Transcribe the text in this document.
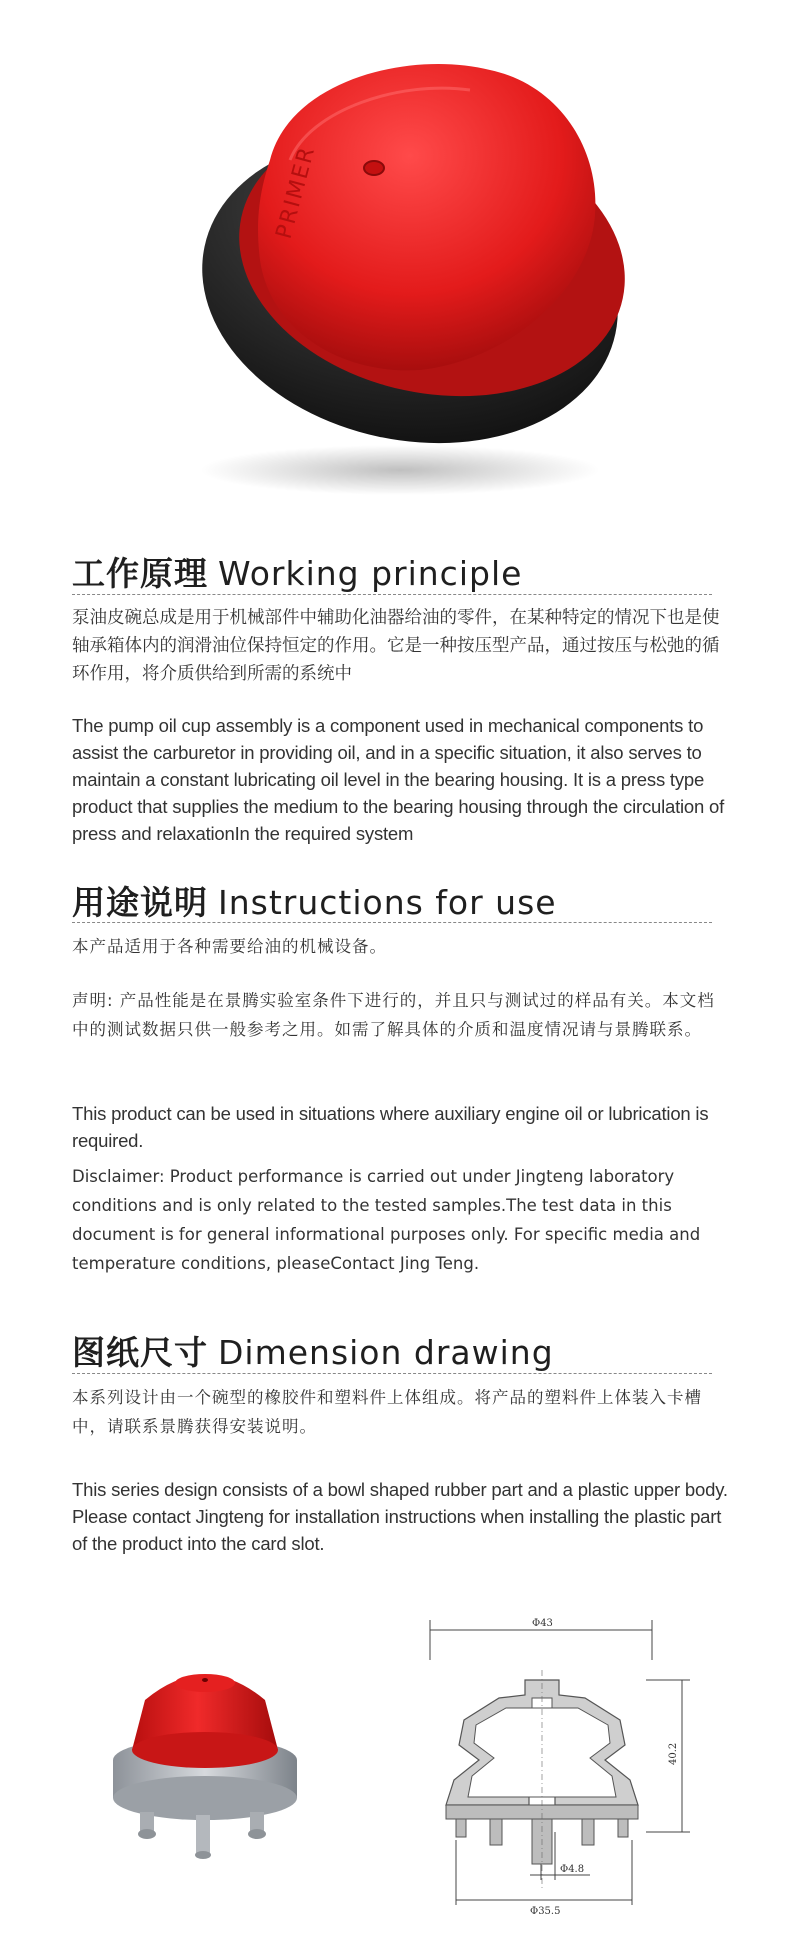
PRIMER
工作原理 Working principle
泵油皮碗总成是用于机械部件中辅助化油器给油的零件，在某种特定的情况下也是使轴承箱体内的润滑油位保持恒定的作用。它是一种按压型产品，通过按压与松弛的循环作用，将介质供给到所需的系统中
The pump oil cup assembly is a component used in mechanical components to assist the carburetor in providing oil, and in a specific situation, it also serves to maintain a constant lubricating oil level in the bearing housing. It is a press type product that supplies the medium to the bearing housing through the circulation of press and relaxationIn the required system
用途说明 Instructions for use
本产品适用于各种需要给油的机械设备。
声明: 产品性能是在景腾实验室条件下进行的，并且只与测试过的样品有关。本文档中的测试数据只供一般参考之用。如需了解具体的介质和温度情况请与景腾联系。
This product can be used in situations where auxiliary engine oil or lubrication is required.
Disclaimer: Product performance is carried out under Jingteng laboratory conditions and is only related to the tested samples.The test data in this document is for general informational purposes only. For specific media and temperature conditions, pleaseContact Jing Teng.
图纸尺寸 Dimension drawing
本系列设计由一个碗型的橡胶件和塑料件上体组成。将产品的塑料件上体装入卡槽中，请联系景腾获得安装说明。
This series design consists of a bowl shaped rubber part and a plastic upper body. Please contact Jingteng for installation instructions when installing the plastic part of the product into the card slot.
Φ43
40.2
Φ4.8
Φ35.5
